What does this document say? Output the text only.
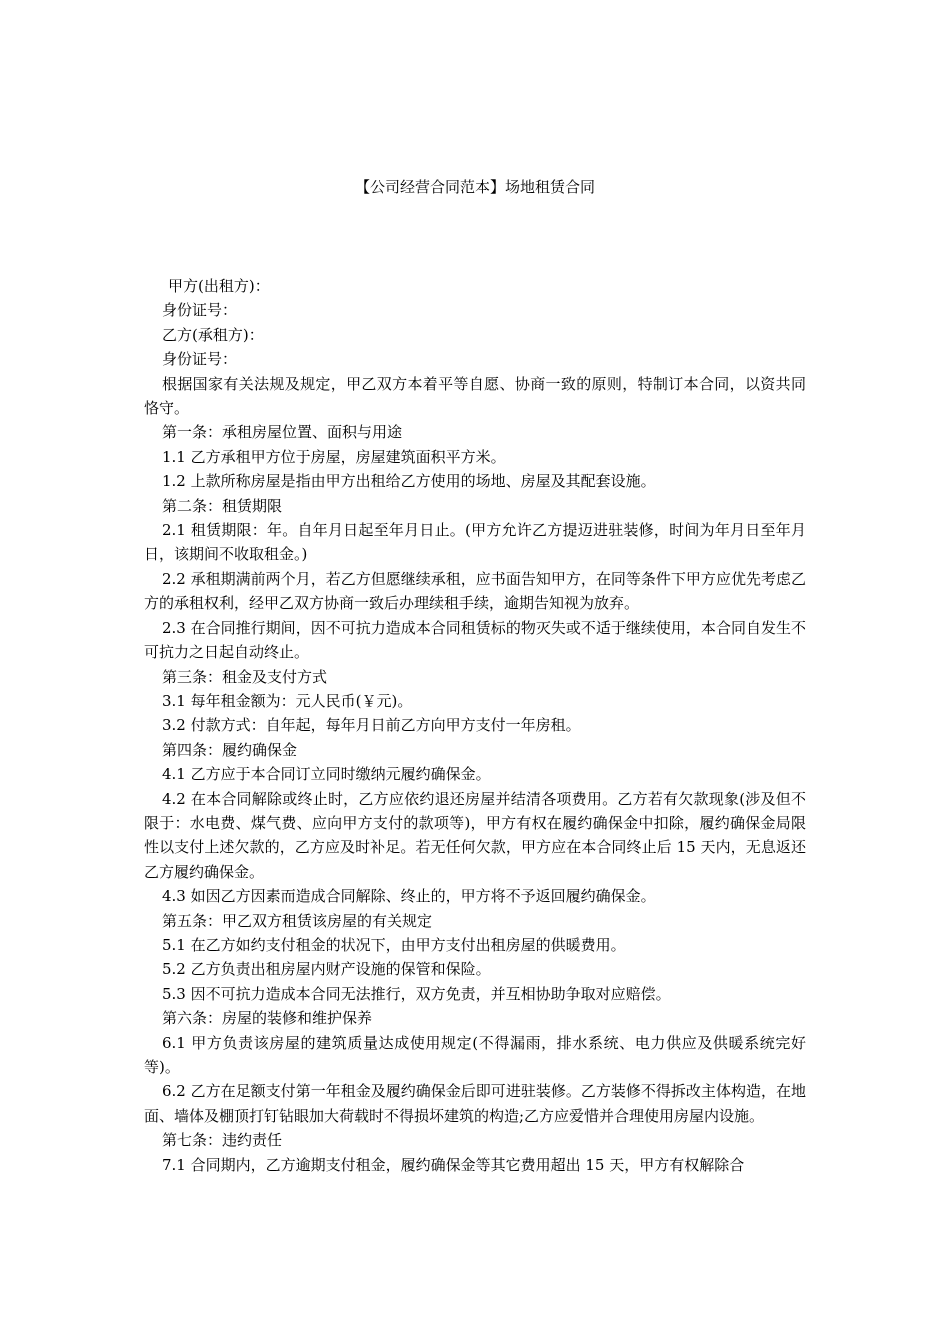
【公司经营合同范本】场地租赁合同

甲方(出租方)：

身份证号：

乙方(承租方)：

身份证号：

根据国家有关法规及规定，甲乙双方本着平等自愿、协商一致的原则，特制订本合同，以资共同恪守。

第一条：承租房屋位置、面积与用途

1.1 乙方承租甲方位于房屋，房屋建筑面积平方米。

1.2 上款所称房屋是指由甲方出租给乙方使用的场地、房屋及其配套设施。

第二条：租赁期限

2.1 租赁期限：年。自年月日起至年月日止。(甲方允许乙方提迈进驻装修，时间为年月日至年月日，该期间不收取租金。)

2.2 承租期满前两个月，若乙方但愿继续承租，应书面告知甲方，在同等条件下甲方应优先考虑乙方的承租权利，经甲乙双方协商一致后办理续租手续，逾期告知视为放弃。

2.3 在合同推行期间，因不可抗力造成本合同租赁标的物灭失或不适于继续使用，本合同自发生不可抗力之日起自动终止。

第三条：租金及支付方式

3.1 每年租金额为：元人民币(￥元)。

3.2 付款方式：自年起，每年月日前乙方向甲方支付一年房租。

第四条：履约确保金

4.1 乙方应于本合同订立同时缴纳元履约确保金。

4.2 在本合同解除或终止时，乙方应依约退还房屋并结清各项费用。乙方若有欠款现象(涉及但不限于：水电费、煤气费、应向甲方支付的款项等)，甲方有权在履约确保金中扣除，履约确保金局限性以支付上述欠款的，乙方应及时补足。若无任何欠款，甲方应在本合同终止后 15 天内，无息返还乙方履约确保金。

4.3 如因乙方因素而造成合同解除、终止的，甲方将不予返回履约确保金。

第五条：甲乙双方租赁该房屋的有关规定

5.1 在乙方如约支付租金的状况下，由甲方支付出租房屋的供暖费用。

5.2 乙方负责出租房屋内财产设施的保管和保险。

5.3 因不可抗力造成本合同无法推行，双方免责，并互相协助争取对应赔偿。

第六条：房屋的装修和维护保养

6.1 甲方负责该房屋的建筑质量达成使用规定(不得漏雨，排水系统、电力供应及供暖系统完好等)。

6.2 乙方在足额支付第一年租金及履约确保金后即可进驻装修。乙方装修不得拆改主体构造，在地面、墙体及棚顶打钉钻眼加大荷载时不得损坏建筑的构造;乙方应爱惜并合理使用房屋内设施。

第七条：违约责任

7.1 合同期内，乙方逾期支付租金，履约确保金等其它费用超出 15 天，甲方有权解除合
